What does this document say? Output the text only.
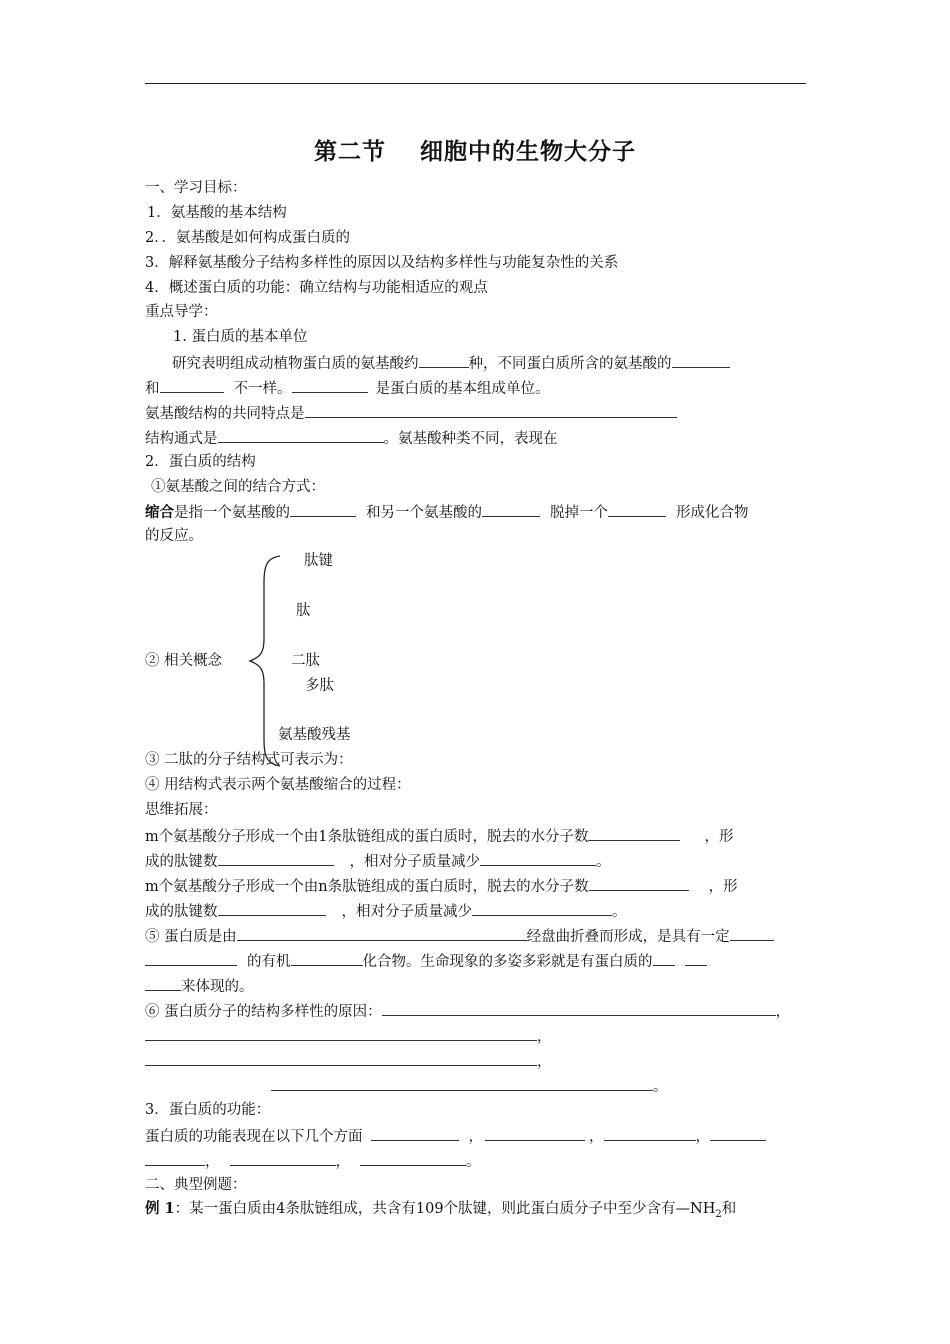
第二节 细胞中的生物大分子
一、学习目标：
1．氨基酸的基本结构
2．．氨基酸是如何构成蛋白质的
3．解释氨基酸分子结构多样性的原因以及结构多样性与功能复杂性的关系
4．概述蛋白质的功能：确立结构与功能相适应的观点
重点导学：
1. 蛋白质的基本单位
研究表明组成动植物蛋白质的氨基酸约	种，不同蛋白质所含的氨基酸的
和	不一样。	是蛋白质的基本组成单位。
氨基酸结构的共同特点是
结构通式是	。氨基酸种类不同，表现在
2．蛋白质的结构
①氨基酸之间的结合方式：
缩合是指一个氨基酸的	和另一个氨基酸的	脱掉一个	形成化合物
的反应。
② 相关概念
肽键
肽
二肽
多肽
氨基酸残基
③ 二肽的分子结构式可表示为：
④ 用结构式表示两个氨基酸缩合的过程：
思维拓展：
m个氨基酸分子形成一个由1条肽链组成的蛋白质时，脱去的水分子数	，形
成的肽键数	，相对分子质量减少	。
m个氨基酸分子形成一个由n条肽链组成的蛋白质时，脱去的水分子数	，形
成的肽键数	，相对分子质量减少	。
⑤ 蛋白质是由	经盘曲折叠而形成，是具有一定
的有机	化合物。生命现象的多姿多彩就是有蛋白质的
来体现的。
⑥ 蛋白质分子的结构多样性的原因：	，
，
，
。
3．蛋白质的功能：
蛋白质的功能表现在以下几个方面	，	，	，
，	，	。
二、典型例题：
例 1：某一蛋白质由4条肽链组成，共含有109个肽键，则此蛋白质分子中至少含有$—NH_2$和
